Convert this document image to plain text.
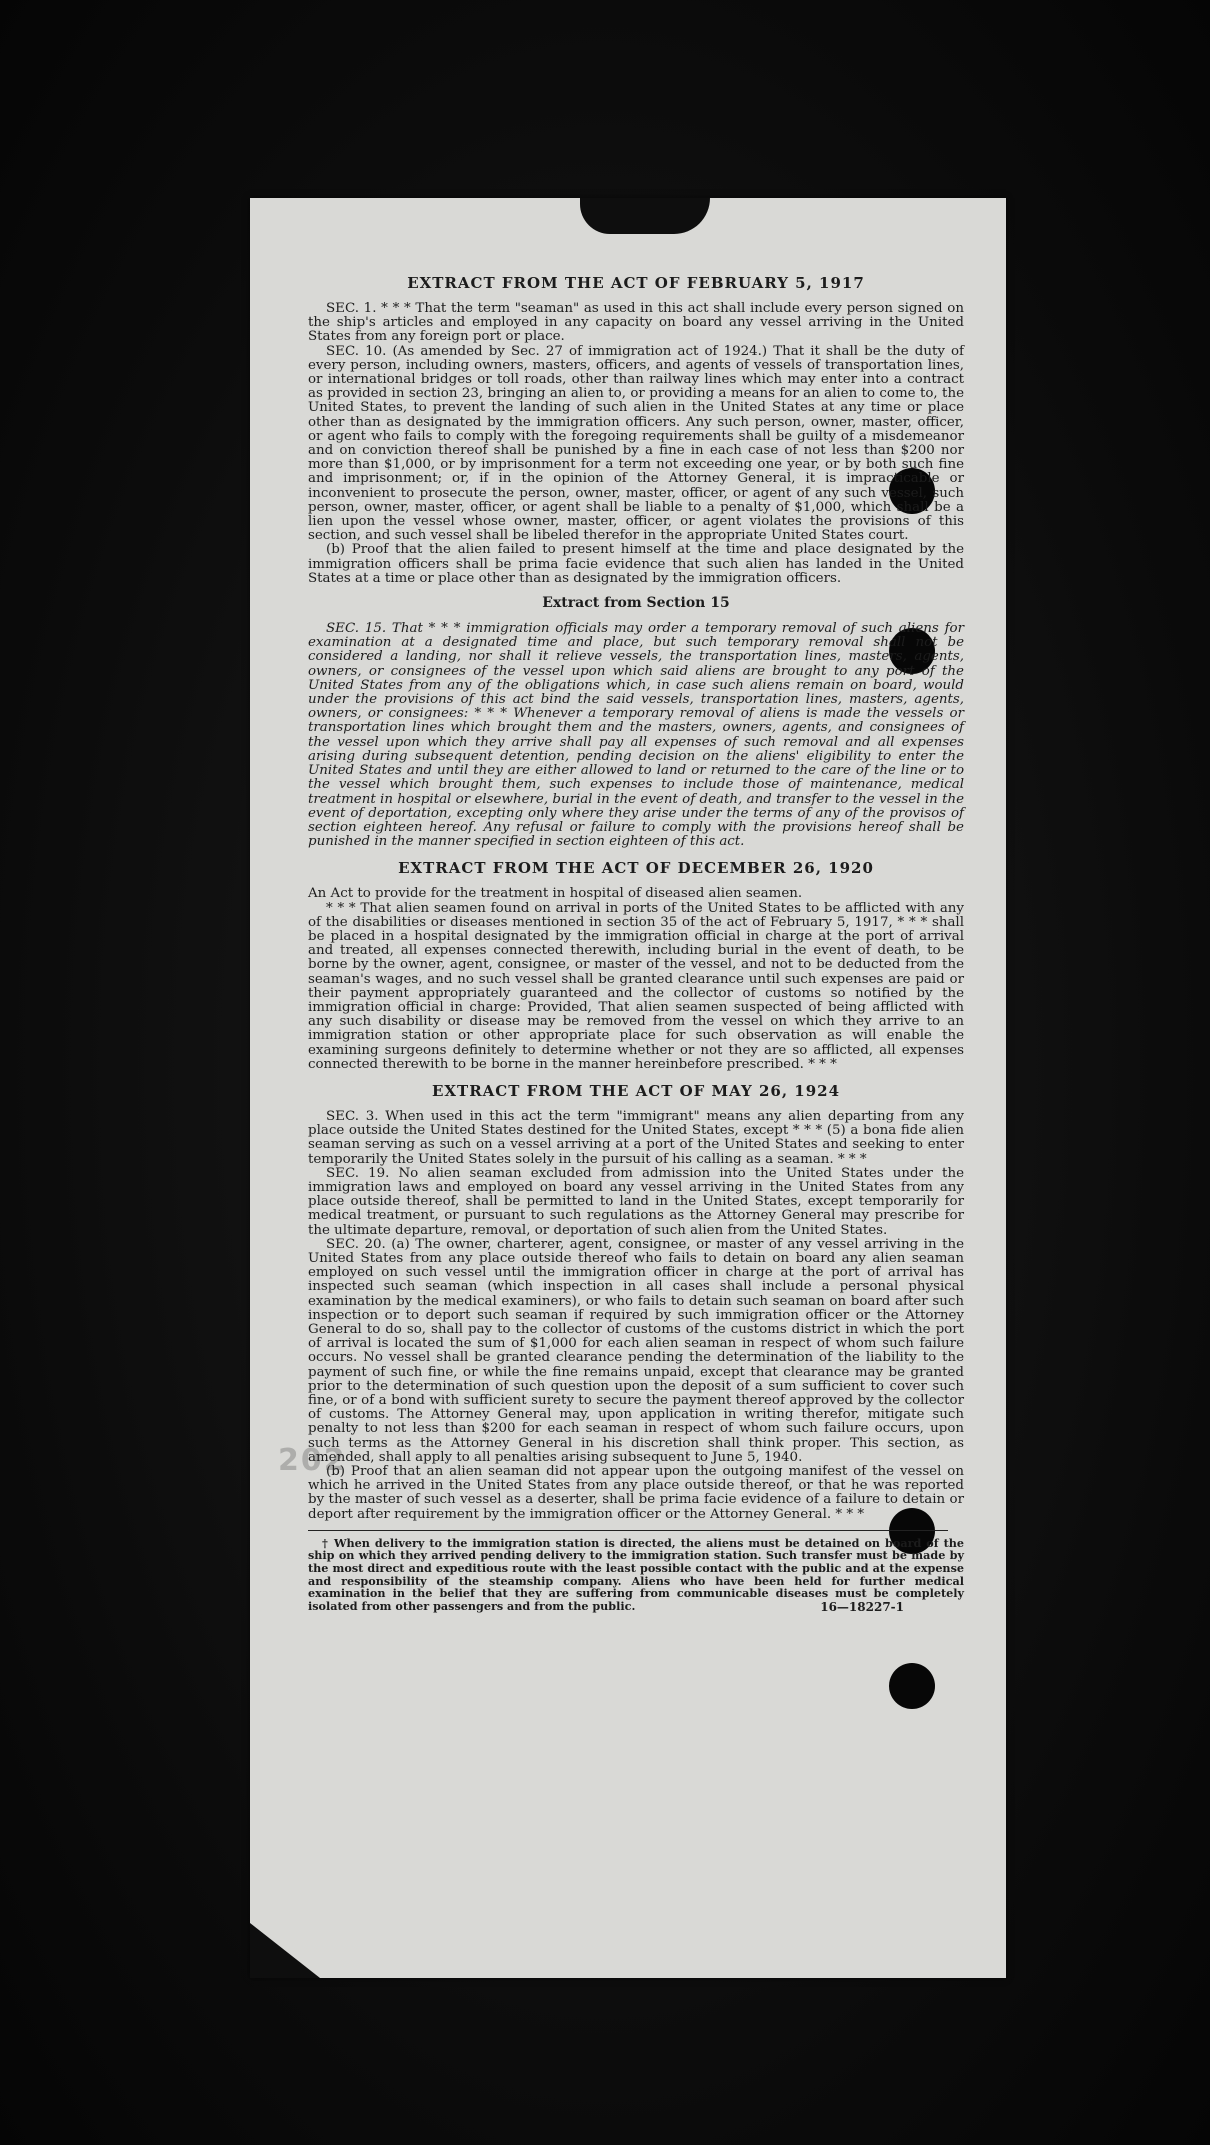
202
EXTRACT FROM THE ACT OF FEBRUARY 5, 1917

SEC. 1. * * * That the term "seaman" as used in this act shall include every person signed on the ship's articles and employed in any capacity on board any vessel arriving in the United States from any foreign port or place.

SEC. 10. (As amended by Sec. 27 of immigration act of 1924.) That it shall be the duty of every person, including owners, masters, officers, and agents of vessels of transportation lines, or international bridges or toll roads, other than railway lines which may enter into a contract as provided in section 23, bringing an alien to, or providing a means for an alien to come to, the United States, to prevent the landing of such alien in the United States at any time or place other than as designated by the immigration officers. Any such person, owner, master, officer, or agent who fails to comply with the foregoing requirements shall be guilty of a misdemeanor and on conviction thereof shall be punished by a fine in each case of not less than $200 nor more than $1,000, or by imprisonment for a term not exceeding one year, or by both such fine and imprisonment; or, if in the opinion of the Attorney General, it is impracticable or inconvenient to prosecute the person, owner, master, officer, or agent of any such vessel, such person, owner, master, officer, or agent shall be liable to a penalty of $1,000, which shall be a lien upon the vessel whose owner, master, officer, or agent violates the provisions of this section, and such vessel shall be libeled therefor in the appropriate United States court.

(b) Proof that the alien failed to present himself at the time and place designated by the immigration officers shall be prima facie evidence that such alien has landed in the United States at a time or place other than as designated by the immigration officers.

Extract from Section 15

SEC. 15. That * * * immigration officials may order a temporary removal of such aliens for examination at a designated time and place, but such temporary removal shall not be considered a landing, nor shall it relieve vessels, the transportation lines, masters, agents, owners, or consignees of the vessel upon which said aliens are brought to any port of the United States from any of the obligations which, in case such aliens remain on board, would under the provisions of this act bind the said vessels, transportation lines, masters, agents, owners, or consignees: * * * Whenever a temporary removal of aliens is made the vessels or transportation lines which brought them and the masters, owners, agents, and consignees of the vessel upon which they arrive shall pay all expenses of such removal and all expenses arising during subsequent detention, pending decision on the aliens' eligibility to enter the United States and until they are either allowed to land or returned to the care of the line or to the vessel which brought them, such expenses to include those of maintenance, medical treatment in hospital or elsewhere, burial in the event of death, and transfer to the vessel in the event of deportation, excepting only where they arise under the terms of any of the provisos of section eighteen hereof. Any refusal or failure to comply with the provisions hereof shall be punished in the manner specified in section eighteen of this act.

EXTRACT FROM THE ACT OF DECEMBER 26, 1920

An Act to provide for the treatment in hospital of diseased alien seamen.

* * * That alien seamen found on arrival in ports of the United States to be afflicted with any of the disabilities or diseases mentioned in section 35 of the act of February 5, 1917, * * * shall be placed in a hospital designated by the immigration official in charge at the port of arrival and treated, all expenses connected therewith, including burial in the event of death, to be borne by the owner, agent, consignee, or master of the vessel, and not to be deducted from the seaman's wages, and no such vessel shall be granted clearance until such expenses are paid or their payment appropriately guaranteed and the collector of customs so notified by the immigration official in charge: Provided, That alien seamen suspected of being afflicted with any such disability or disease may be removed from the vessel on which they arrive to an immigration station or other appropriate place for such observation as will enable the examining surgeons definitely to determine whether or not they are so afflicted, all expenses connected therewith to be borne in the manner hereinbefore prescribed. * * *

EXTRACT FROM THE ACT OF MAY 26, 1924

SEC. 3. When used in this act the term "immigrant" means any alien departing from any place outside the United States destined for the United States, except * * * (5) a bona fide alien seaman serving as such on a vessel arriving at a port of the United States and seeking to enter temporarily the United States solely in the pursuit of his calling as a seaman. * * *

SEC. 19. No alien seaman excluded from admission into the United States under the immigration laws and employed on board any vessel arriving in the United States from any place outside thereof, shall be permitted to land in the United States, except temporarily for medical treatment, or pursuant to such regulations as the Attorney General may prescribe for the ultimate departure, removal, or deportation of such alien from the United States.

SEC. 20. (a) The owner, charterer, agent, consignee, or master of any vessel arriving in the United States from any place outside thereof who fails to detain on board any alien seaman employed on such vessel until the immigration officer in charge at the port of arrival has inspected such seaman (which inspection in all cases shall include a personal physical examination by the medical examiners), or who fails to detain such seaman on board after such inspection or to deport such seaman if required by such immigration officer or the Attorney General to do so, shall pay to the collector of customs of the customs district in which the port of arrival is located the sum of $1,000 for each alien seaman in respect of whom such failure occurs. No vessel shall be granted clearance pending the determination of the liability to the payment of such fine, or while the fine remains unpaid, except that clearance may be granted prior to the determination of such question upon the deposit of a sum sufficient to cover such fine, or of a bond with sufficient surety to secure the payment thereof approved by the collector of customs. The Attorney General may, upon application in writing therefor, mitigate such penalty to not less than $200 for each seaman in respect of whom such failure occurs, upon such terms as the Attorney General in his discretion shall think proper. This section, as amended, shall apply to all penalties arising subsequent to June 5, 1940.

(b) Proof that an alien seaman did not appear upon the outgoing manifest of the vessel on which he arrived in the United States from any place outside thereof, or that he was reported by the master of such vessel as a deserter, shall be prima facie evidence of a failure to detain or deport after requirement by the immigration officer or the Attorney General. * * *

† When delivery to the immigration station is directed, the aliens must be detained on board of the ship on which they arrived pending delivery to the immigration station. Such transfer must be made by the most direct and expeditious route with the least possible contact with the public and at the expense and responsibility of the steamship company. Aliens who have been held for further medical examination in the belief that they are suffering from communicable diseases must be completely isolated from other passengers and from the public.	16—18227-1
